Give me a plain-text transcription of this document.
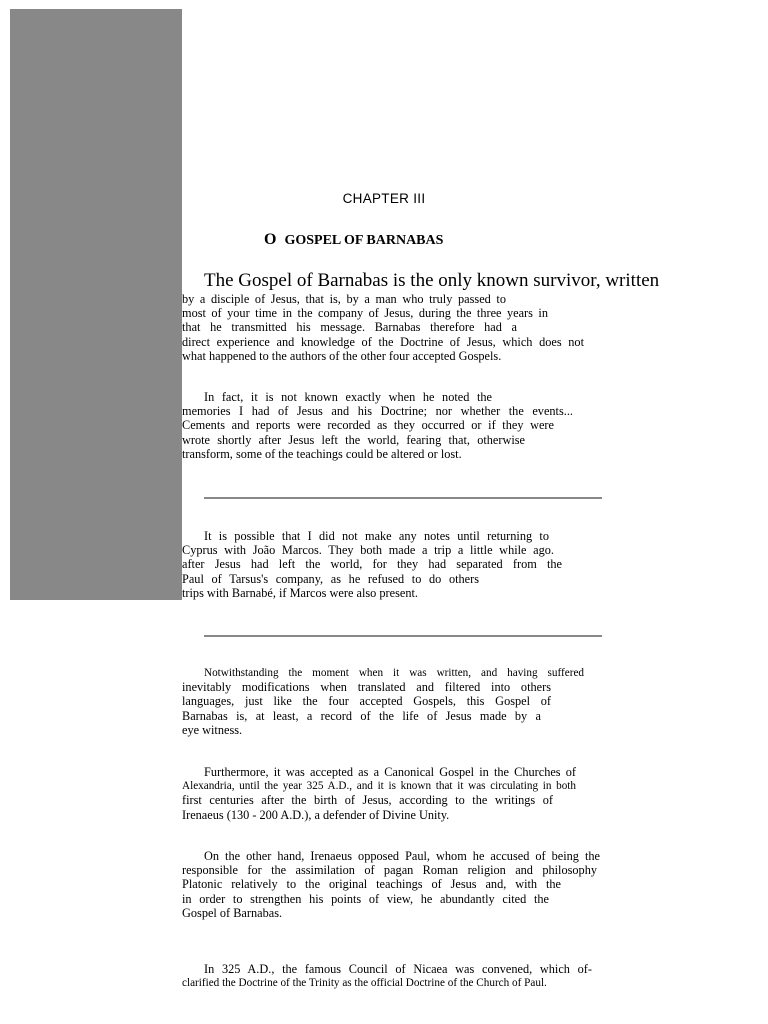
CHAPTER III
O GOSPEL OF BARNABAS
The Gospel of Barnabas is the only known survivor, written
by a disciple of Jesus, that is, by a man who truly passed to
most of your time in the company of Jesus, during the three years in
that he transmitted his message. Barnabas therefore had a
direct experience and knowledge of the Doctrine of Jesus, which does not
what happened to the authors of the other four accepted Gospels.
In fact, it is not known exactly when he noted the
memories I had of Jesus and his Doctrine; nor whether the events...
Cements and reports were recorded as they occurred or if they were
wrote shortly after Jesus left the world, fearing that, otherwise
transform, some of the teachings could be altered or lost.
It is possible that I did not make any notes until returning to
Cyprus with João Marcos. They both made a trip a little while ago.
after Jesus had left the world, for they had separated from the
Paul of Tarsus's company, as he refused to do others
trips with Barnabé, if Marcos were also present.
Notwithstanding the moment when it was written, and having suffered
inevitably modifications when translated and filtered into others
languages, just like the four accepted Gospels, this Gospel of
Barnabas is, at least, a record of the life of Jesus made by a
eye witness.
Furthermore, it was accepted as a Canonical Gospel in the Churches of
Alexandria, until the year 325 A.D., and it is known that it was circulating in both
first centuries after the birth of Jesus, according to the writings of
Irenaeus (130 - 200 A.D.), a defender of Divine Unity.
On the other hand, Irenaeus opposed Paul, whom he accused of being the
responsible for the assimilation of pagan Roman religion and philosophy
Platonic relatively to the original teachings of Jesus and, with the
in order to strengthen his points of view, he abundantly cited the
Gospel of Barnabas.
In 325 A.D., the famous Council of Nicaea was convened, which of-
clarified the Doctrine of the Trinity as the official Doctrine of the Church of Paul.
